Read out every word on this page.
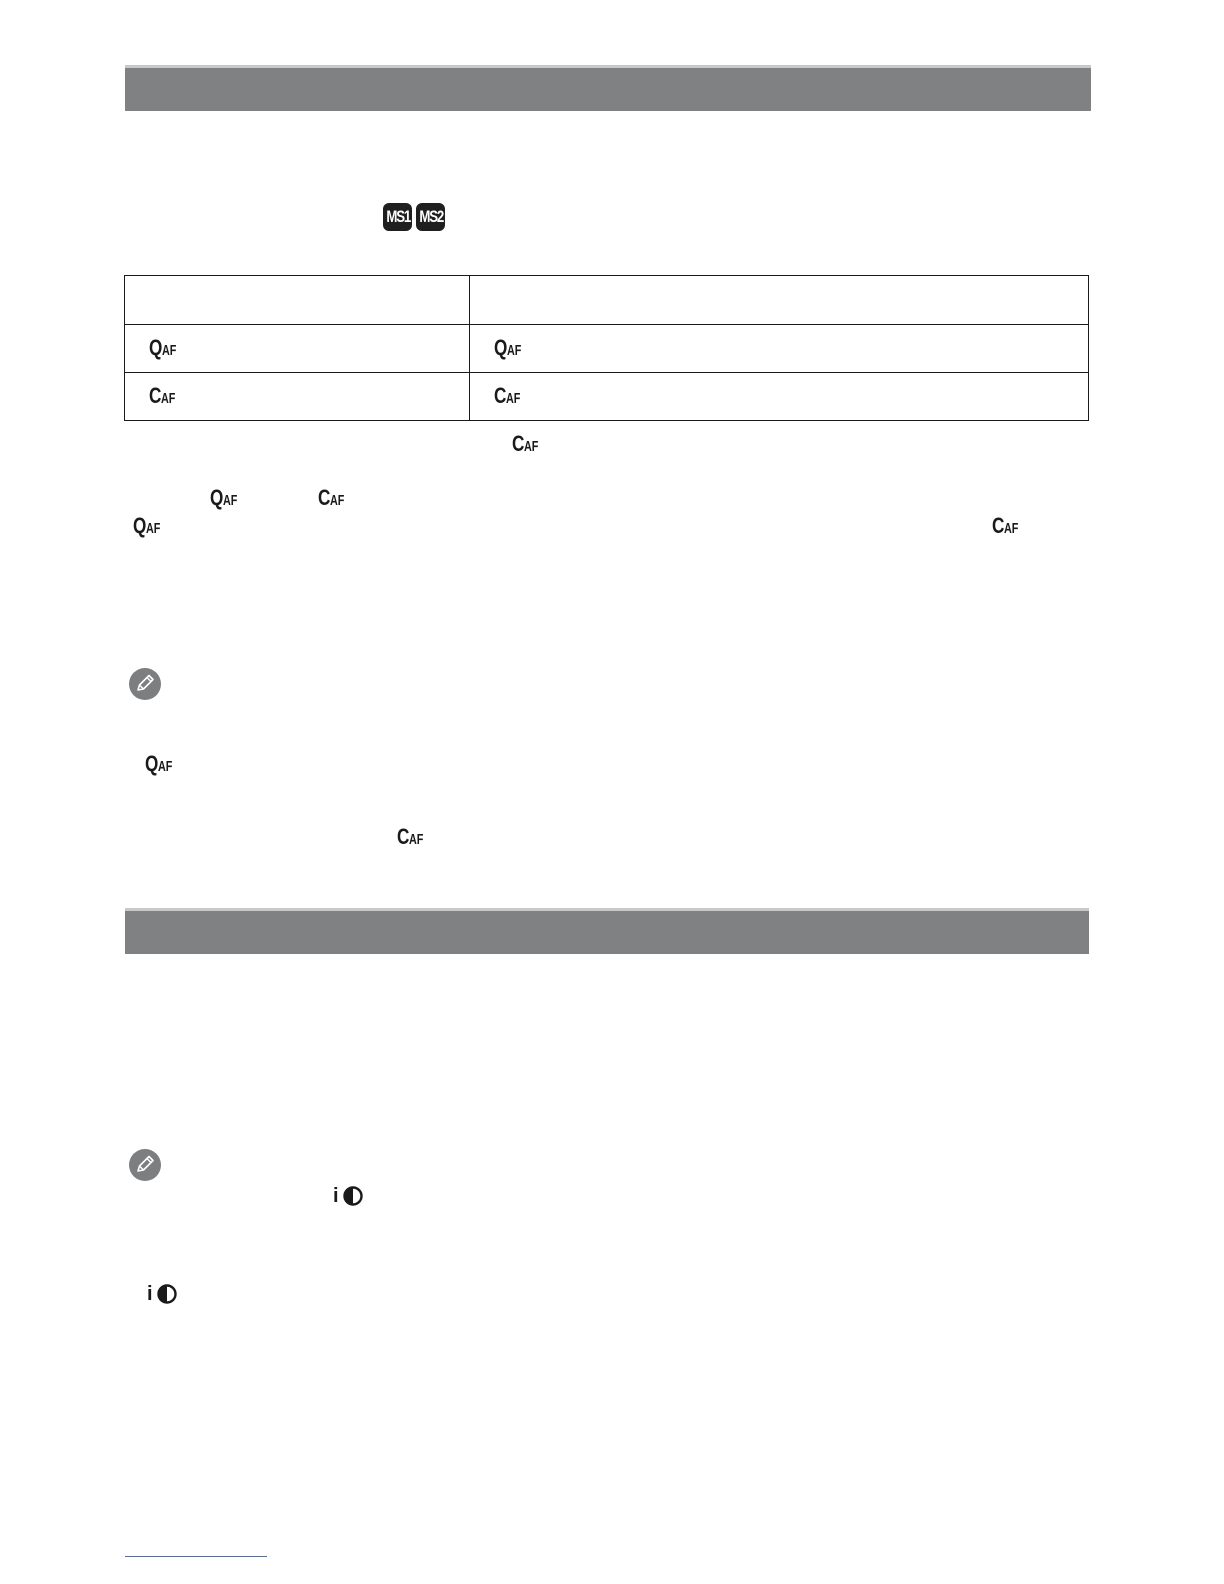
MS1 MS2

QAF	QAF

CAF	CAF
CAF
QAF	CAF
QAF	CAF
QAF
CAF
i
i
